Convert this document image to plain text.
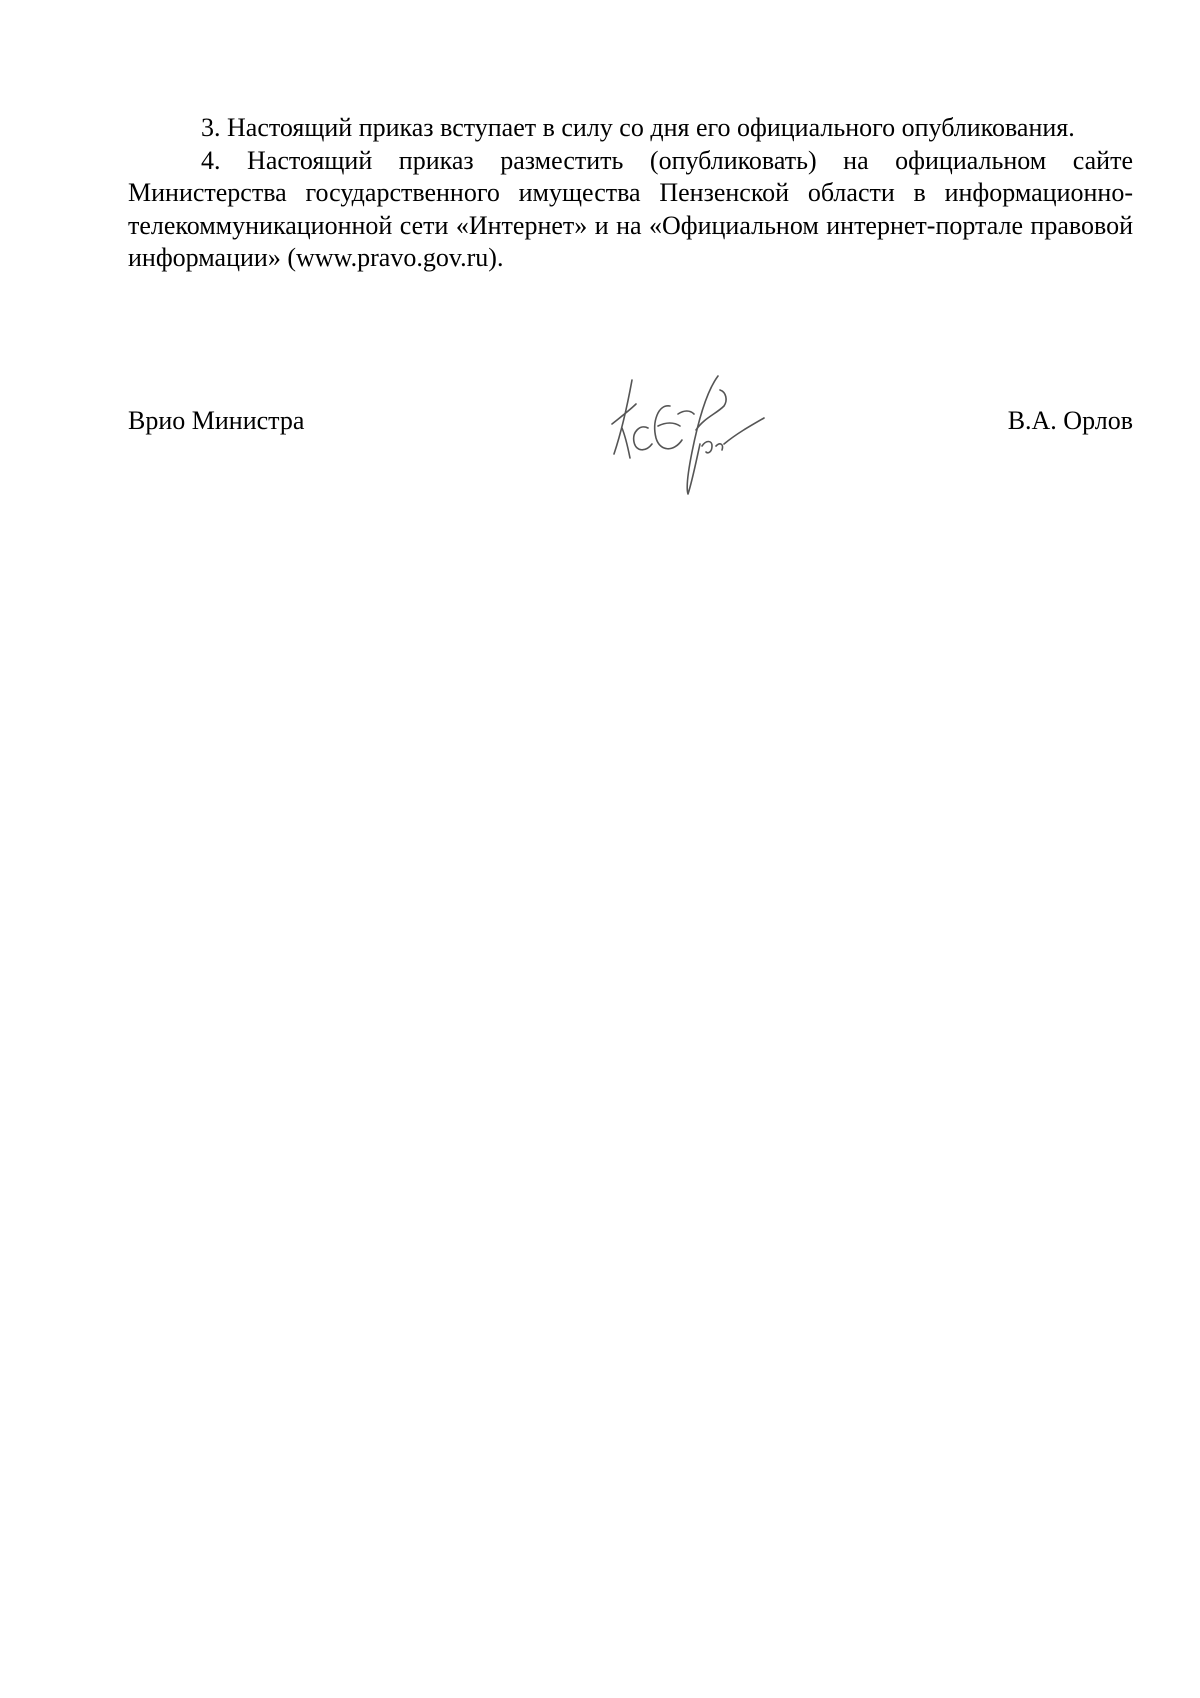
3. Настоящий приказ вступает в силу со дня его официального опубликования.

4. Настоящий приказ разместить (опубликовать) на официальном сайте Министерства государственного имущества Пензенской области в информационно-телекоммуникационной сети «Интернет» и на «Официальном интернет-портале правовой информации» (www.pravo.gov.ru).

Врио Министра	В.А. Орлов
